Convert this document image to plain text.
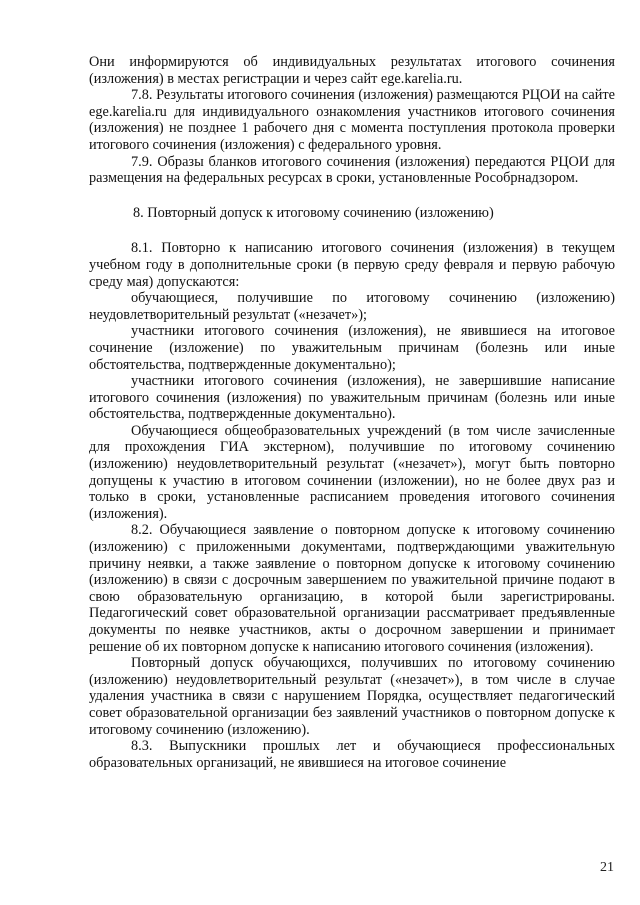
Они информируются об индивидуальных результатах итогового сочинения (изложения) в местах регистрации и через сайт ege.karelia.ru.

7.8. Результаты итогового сочинения (изложения) размещаются РЦОИ на сайте ege.karelia.ru для индивидуального ознакомления участников итогового сочинения (изложения) не позднее 1 рабочего дня с момента поступления протокола проверки итогового сочинения (изложения) с федерального уровня.

7.9. Образы бланков итогового сочинения (изложения) передаются РЦОИ для размещения на федеральных ресурсах в сроки, установленные Рособрнадзором.

8. Повторный допуск к итоговому сочинению (изложению)

8.1. Повторно к написанию итогового сочинения (изложения) в текущем учебном году в дополнительные сроки (в первую среду февраля и первую рабочую среду мая) допускаются:

обучающиеся, получившие по итоговому сочинению (изложению) неудовлетворительный результат («незачет»);

участники итогового сочинения (изложения), не явившиеся на итоговое сочинение (изложение) по уважительным причинам (болезнь или иные обстоятельства, подтвержденные документально);

участники итогового сочинения (изложения), не завершившие написание итогового сочинения (изложения) по уважительным причинам (болезнь или иные обстоятельства, подтвержденные документально).

Обучающиеся общеобразовательных учреждений (в том числе зачисленные для прохождения ГИА экстерном), получившие по итоговому сочинению (изложению) неудовлетворительный результат («незачет»), могут быть повторно допущены к участию в итоговом сочинении (изложении), но не более двух раз и только в сроки, установленные расписанием проведения итогового сочинения (изложения).

8.2. Обучающиеся заявление о повторном допуске к итоговому сочинению (изложению) с приложенными документами, подтверждающими уважительную причину неявки, а также заявление о повторном допуске к итоговому сочинению (изложению) в связи с досрочным завершением по уважительной причине подают в свою образовательную организацию, в которой были зарегистрированы. Педагогический совет образовательной организации рассматривает предъявленные документы по неявке участников, акты о досрочном завершении и принимает решение об их повторном допуске к написанию итогового сочинения (изложения).

Повторный допуск обучающихся, получивших по итоговому сочинению (изложению) неудовлетворительный результат («незачет»), в том числе в случае удаления участника в связи с нарушением Порядка, осуществляет педагогический совет образовательной организации без заявлений участников о повторном допуске к итоговому сочинению (изложению).

8.3. Выпускники прошлых лет и обучающиеся профессиональных образовательных организаций, не явившиеся на итоговое сочинение

21
